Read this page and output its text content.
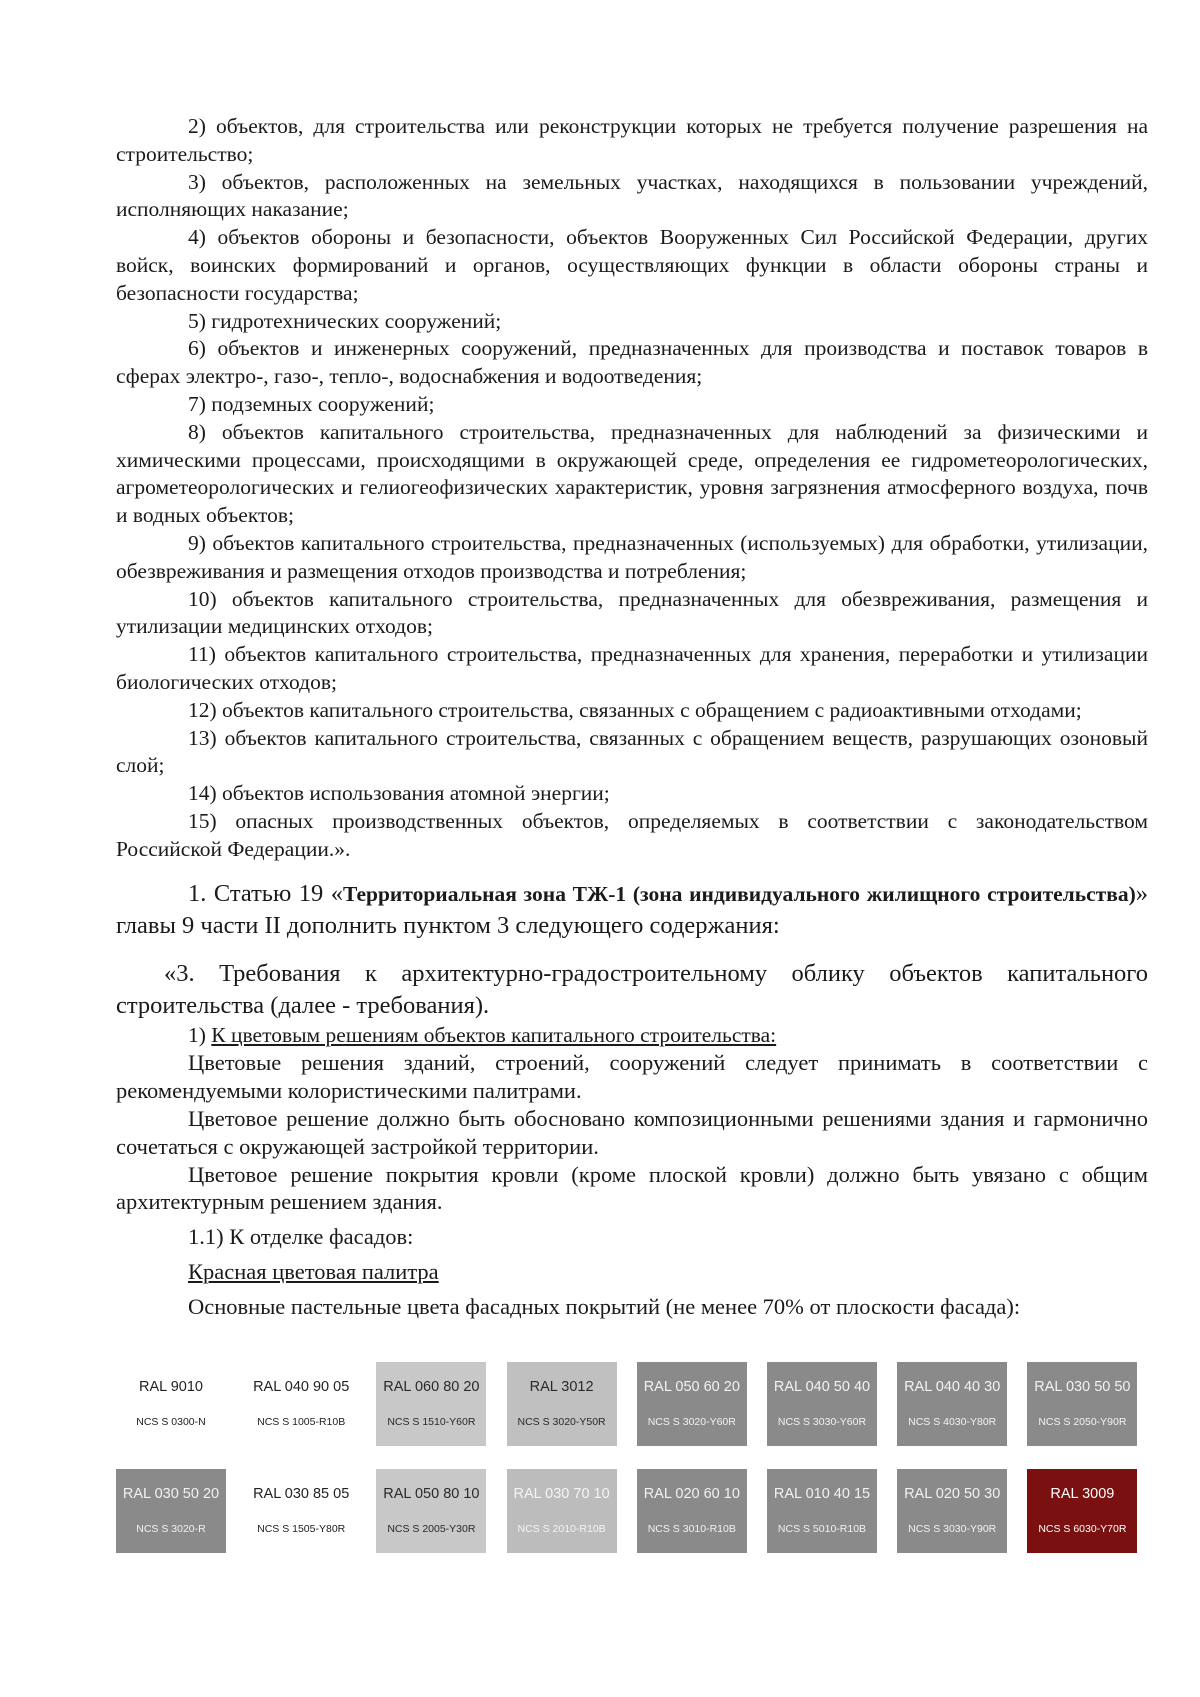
2) объектов, для строительства или реконструкции которых не требуется получение разрешения на строительство;

3) объектов, расположенных на земельных участках, находящихся в пользовании учреждений, исполняющих наказание;

4) объектов обороны и безопасности, объектов Вооруженных Сил Российской Федерации, других войск, воинских формирований и органов, осуществляющих функции в области обороны страны и безопасности государства;

5) гидротехнических сооружений;

6) объектов и инженерных сооружений, предназначенных для производства и поставок товаров в сферах электро-, газо-, тепло-, водоснабжения и водоотведения;

7) подземных сооружений;

8) объектов капитального строительства, предназначенных для наблюдений за физическими и химическими процессами, происходящими в окружающей среде, определения ее гидрометеорологических, агрометеорологических и гелиогеофизических характеристик, уровня загрязнения атмосферного воздуха, почв и водных объектов;

9) объектов капитального строительства, предназначенных (используемых) для обработки, утилизации, обезвреживания и размещения отходов производства и потребления;

10) объектов капитального строительства, предназначенных для обезвреживания, размещения и утилизации медицинских отходов;

11) объектов капитального строительства, предназначенных для хранения, переработки и утилизации биологических отходов;

12) объектов капитального строительства, связанных с обращением с радиоактивными отходами;

13) объектов капитального строительства, связанных с обращением веществ, разрушающих озоновый слой;

14) объектов использования атомной энергии;

15) опасных производственных объектов, определяемых в соответствии с законодательством Российской Федерации.».

1. Статью 19 «Территориальная зона ТЖ-1 (зона индивидуального жилищного строительства)» главы 9 части II дополнить пунктом 3 следующего содержания:

«3. Требования к архитектурно-градостроительному облику объектов капитального строительства (далее - требования).

1) К цветовым решениям объектов капитального строительства:

Цветовые решения зданий, строений, сооружений следует принимать в соответствии с рекомендуемыми колористическими палитрами.

Цветовое решение должно быть обосновано композиционными решениями здания и гармонично сочетаться с окружающей застройкой территории.

Цветовое решение покрытия кровли (кроме плоской кровли) должно быть увязано с общим архитектурным решением здания.

1.1) К отделке фасадов:

Красная цветовая палитра

Основные пастельные цвета фасадных покрытий (не менее 70% от плоскости фасада):

RAL 9010
NCS S 0300-N
RAL 040 90 05
NCS S 1005-R10B
RAL 060 80 20
NCS S 1510-Y60R
RAL 3012
NCS S 3020-Y50R
RAL 050 60 20
NCS S 3020-Y60R
RAL 040 50 40
NCS S 3030-Y60R
RAL 040 40 30
NCS S 4030-Y80R
RAL 030 50 50
NCS S 2050-Y90R
RAL 030 50 20
NCS S 3020-R
RAL 030 85 05
NCS S 1505-Y80R
RAL 050 80 10
NCS S 2005-Y30R
RAL 030 70 10
NCS S 2010-R10B
RAL 020 60 10
NCS S 3010-R10B
RAL 010 40 15
NCS S 5010-R10B
RAL 020 50 30
NCS S 3030-Y90R
RAL 3009
NCS S 6030-Y70R
